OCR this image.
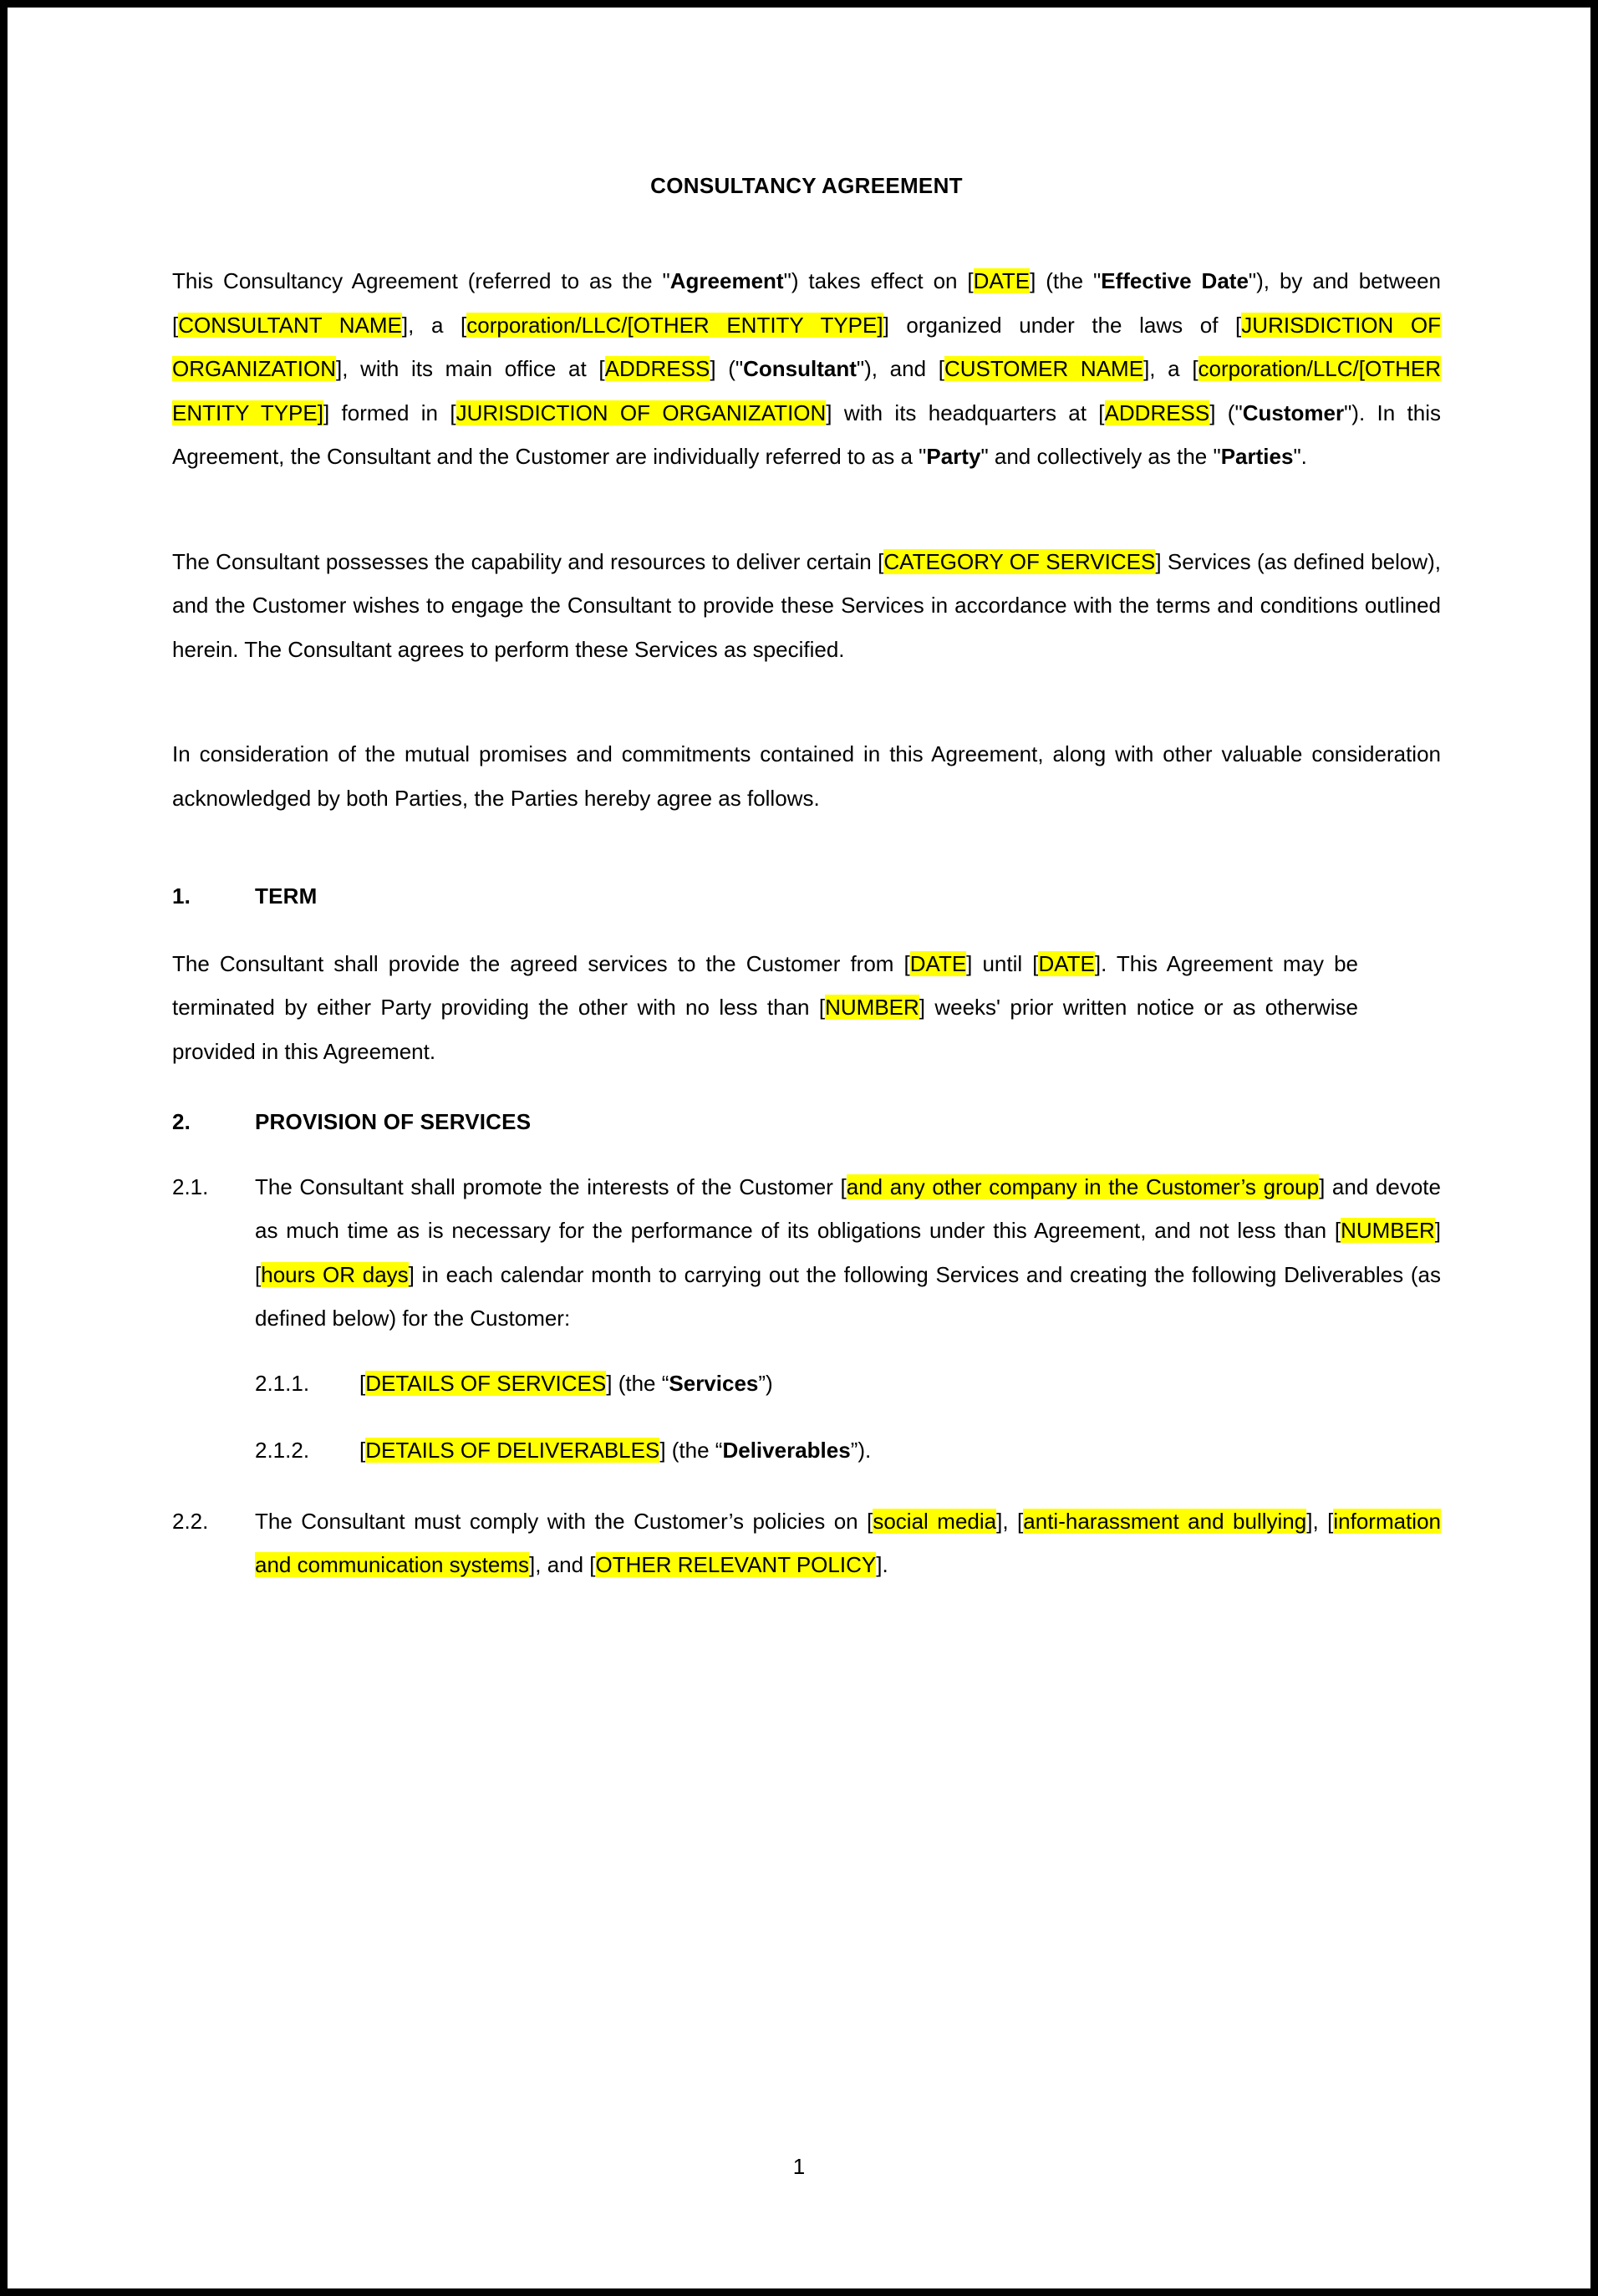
CONSULTANCY AGREEMENT

This Consultancy Agreement (referred to as the "Agreement") takes effect on [DATE] (the "Effective Date"), by and between [CONSULTANT NAME], a [corporation/LLC/[OTHER ENTITY TYPE]] organized under the laws of [JURISDICTION OF ORGANIZATION], with its main office at [ADDRESS] ("Consultant"), and [CUSTOMER NAME], a [corporation/LLC/[OTHER ENTITY TYPE]] formed in [JURISDICTION OF ORGANIZATION] with its headquarters at [ADDRESS] ("Customer"). In this Agreement, the Consultant and the Customer are individually referred to as a "Party" and collectively as the "Parties".

The Consultant possesses the capability and resources to deliver certain [CATEGORY OF SERVICES] Services (as defined below), and the Customer wishes to engage the Consultant to provide these Services in accordance with the terms and conditions outlined herein. The Consultant agrees to perform these Services as specified.

In consideration of the mutual promises and commitments contained in this Agreement, along with other valuable consideration acknowledged by both Parties, the Parties hereby agree as follows.

1.	TERM

The Consultant shall provide the agreed services to the Customer from [DATE] until [DATE]. This Agreement may be terminated by either Party providing the other with no less than [NUMBER] weeks' prior written notice or as otherwise provided in this Agreement.

2.	PROVISION OF SERVICES
2.1.	The Consultant shall promote the interests of the Customer [and any other company in the Customer’s group] and devote as much time as is necessary for the performance of its obligations under this Agreement, and not less than [NUMBER] [hours OR days] in each calendar month to carrying out the following Services and creating the following Deliverables (as defined below) for the Customer:
2.1.1.	[DETAILS OF SERVICES] (the “Services”)
2.1.2.	[DETAILS OF DELIVERABLES] (the “Deliverables”).
2.2.	The Consultant must comply with the Customer’s policies on [social media], [anti-harassment and bullying], [information and communication systems], and [OTHER RELEVANT POLICY].
1
